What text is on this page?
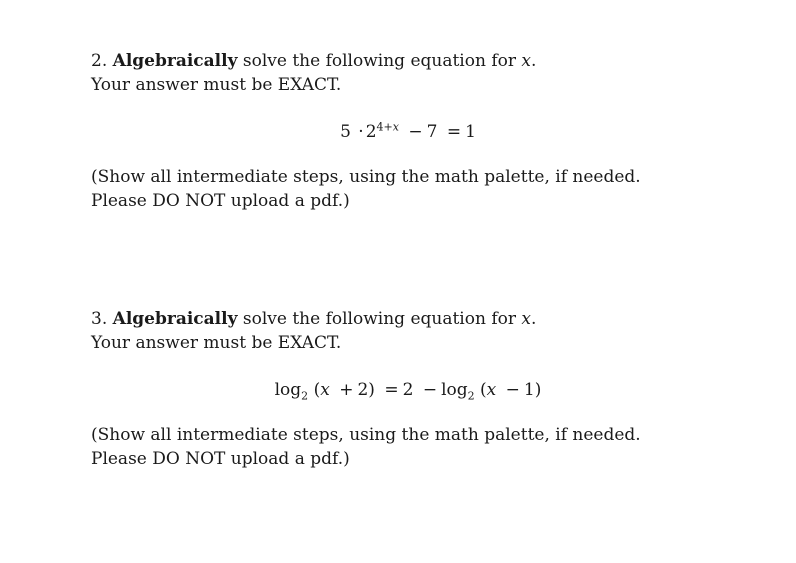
2. Algebraically solve the following equation for x.
Your answer must be EXACT.
$5 \cdot 2^{4+x} - 7 = 1$
(Show all intermediate steps, using the math palette, if needed.
Please DO NOT upload a pdf.)
3. Algebraically solve the following equation for x.
Your answer must be EXACT.
$\log_2 (x + 2) = 2 - \log_2 (x - 1)$
(Show all intermediate steps, using the math palette, if needed.
Please DO NOT upload a pdf.)
